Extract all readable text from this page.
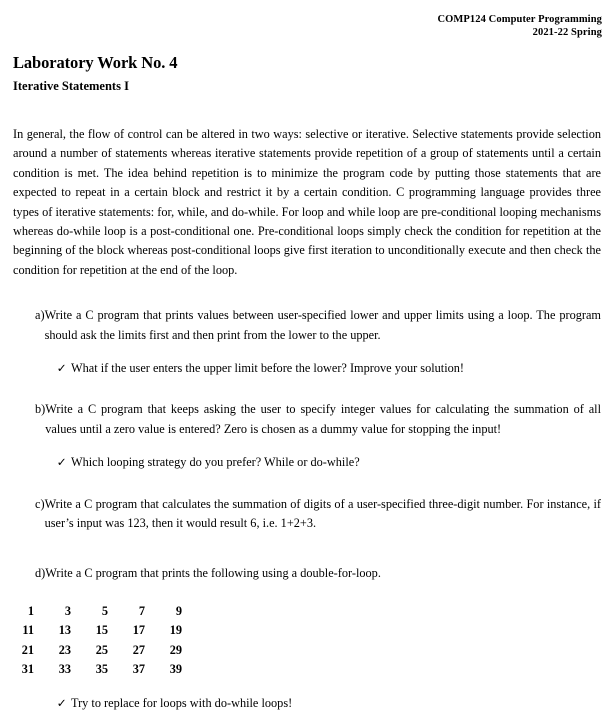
COMP124 Computer Programming
2021-22 Spring
Laboratory Work No. 4
Iterative Statements I

In general, the flow of control can be altered in two ways: selective or iterative. Selective statements provide selection around a number of statements whereas iterative statements provide repetition of a group of statements until a certain condition is met. The idea behind repetition is to minimize the program code by putting those statements that are expected to repeat in a certain block and restrict it by a certain condition. C programming language provides three types of iterative statements: for, while, and do-while. For loop and while loop are pre-conditional looping mechanisms whereas do-while loop is a post-conditional one. Pre-conditional loops simply check the condition for repetition at the beginning of the block whereas post-conditional loops give first iteration to unconditionally execute and then check the condition for repetition at the end of the loop.

a) Write a C program that prints values between user-specified lower and upper limits using a loop. The program should ask the limits first and then print from the lower to the upper.
✓ What if the user enters the upper limit before the lower? Improve your solution!
b) Write a C program that keeps asking the user to specify integer values for calculating the summation of all values until a zero value is entered? Zero is chosen as a dummy value for stopping the input!
✓ Which looping strategy do you prefer? While or do-while?
c) Write a C program that calculates the summation of digits of a user-specified three-digit number. For instance, if user’s input was 123, then it would result 6, i.e. 1+2+3.
d) Write a C program that prints the following using a double-for-loop.
1	3	5	7	9
11	13	15	17	19
21	23	25	27	29
31	33	35	37	39
✓ Try to replace for loops with do-while loops!
